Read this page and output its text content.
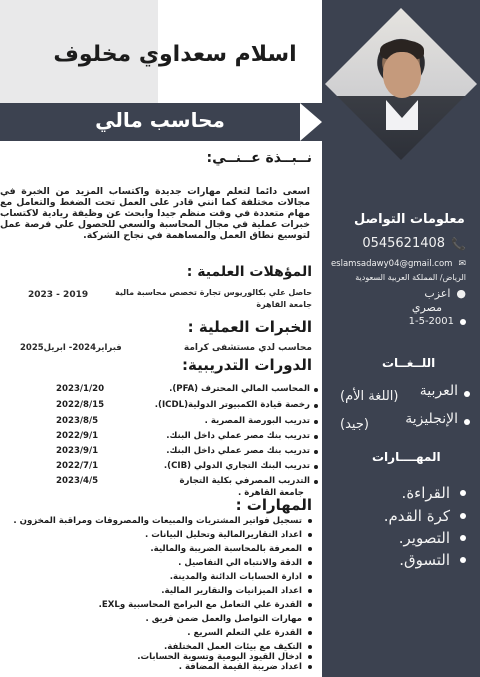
معلومات التواصل
📞
0545621408
eslamsadawy04@gmail.com ✉
الرياض/ المملكة العربية السعودية
●
اعزب
مصري
1-5-2001
اللــغــات
العربية
(اللغة الأم)
الإنجليزية
(جيد)
المهــــارات
القراءة.
كرة القدم.
التصوير.
التسوق.
اسلام سعداوي مخلوف
محاسب مالي
نــبــذة عــنــي:
اسعى دائما لتعلم مهارات جديدة واكتساب المزيد من الخبرة في مجالات مختلفة كما انني قادر على العمل تحت الضغط والتعامل مع مهام متعددة في وقت منظم جيدا وابحث عن وظيفة ريادية لاكتساب خبرات عملية في مجال المحاسبة والسعي للحصول علي فرصة عمل لتوسيع نطاق العمل والمساهمة في نجاح الشركة.
المؤهلات العلمية :
2023 - 2019	حاصل علي بكالوريوس تجارة تخصص محاسبة مالية
جامعة القاهرة
الخبرات العملية :
محاسب لدي مستشفى كرامة
فبراير2024- ابريل2025
الدورات التدريبية:
المحاسب المالي المحترف (PFA).
2023/1/20
رخصة قيادة الكمبيوتر الدولية(ICDL).
2022/8/15
تدريب البورصة المصرية .
2023/8/5
تدريب بنك مصر عملي داخل البنك.
2022/9/1
تدريب بنك مصر عملي داخل البنك.
2023/9/1
تدريب البنك التجاري الدولي (CIB).
2022/7/1
التدريب المصرفي بكلية التجارة
2023/4/5
جامعة القاهرة .
المهارات :
تسجيل فواتير المشتريات والمبيعات والمصروفات ومراقبة المخزون .
اعداد التقاريرالمالية وتحليل البيانات .
المعرفة بالمحاسبة الضريبة والمالية.
الدقة والانتباه الي التفاصيل .
ادارة الحسابات الدائنة والمدينة.
اعداد الميزانيات والتقارير المالية.
القدرة علي التعامل مع البرامج المحاسبية وEXL.
مهارات التواصل والعمل ضمن فريق .
القدرة علي التعلم السريع .
التكيف مع بيئات العمل المختلفة.
ادخال القيود اليومية وتسوية الحسابات.
اعداد ضريبة القيمة المضافة .
